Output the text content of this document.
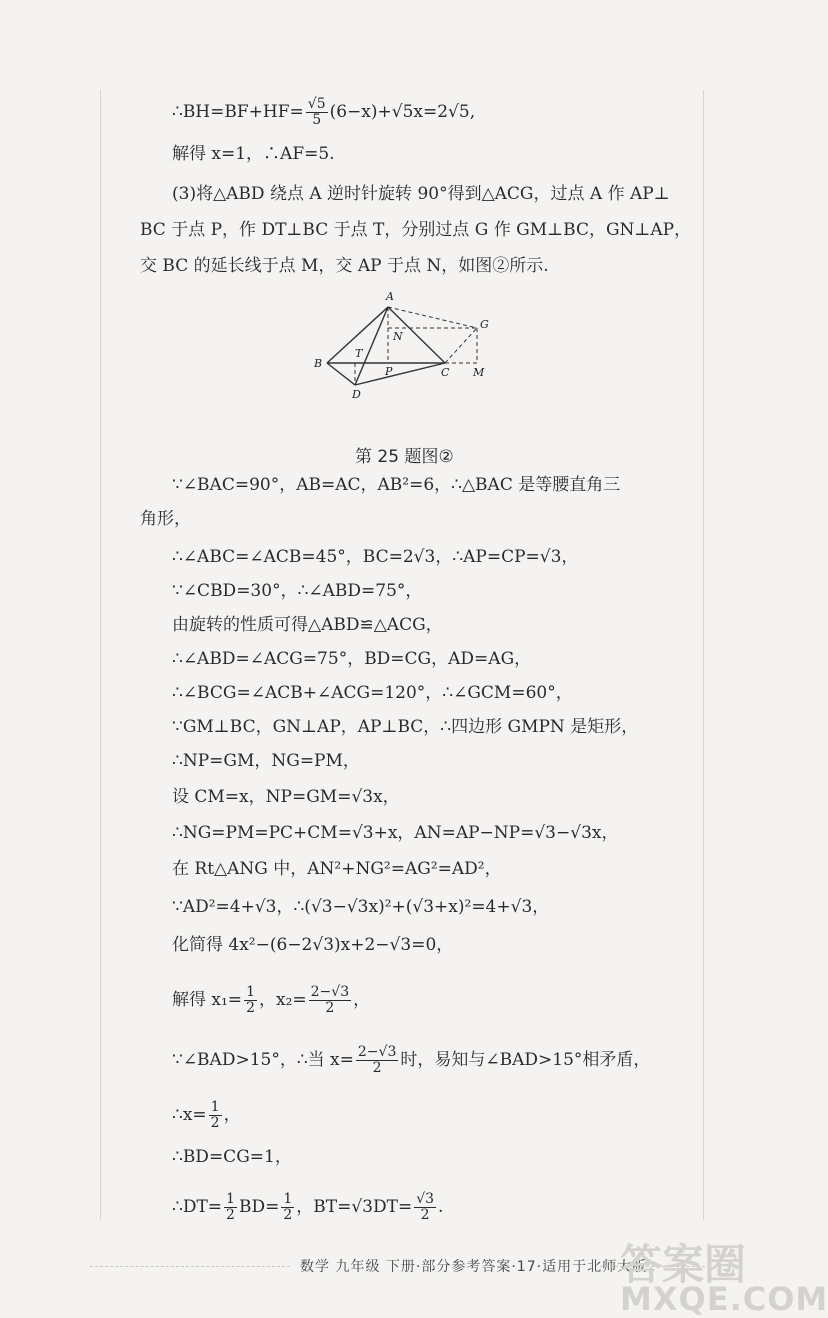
∴BH=BF+HF= $\frac{√5}{5} (6-x)+√5x=2√5$,
解得 x=1，∴AF=5.
(3)将△ABD 绕点 A 逆时针旋转 90°得到△ACG，过点 A 作 AP⊥
BC 于点 P，作 DT⊥BC 于点 T，分别过点 G 作 GM⊥BC，GN⊥AP，
交 BC 的延长线于点 M，交 AP 于点 N，如图②所示.
∵∠BAC=90°，AB=AC，AB²=6，∴△BAC 是等腰直角三
角形，
∴∠ABC=∠ACB=45°，BC=2√3，∴AP=CP=√3，
∵∠CBD=30°，∴∠ABD=75°，
由旋转的性质可得△ABD≌△ACG，
∴∠ABD=∠ACG=75°，BD=CG，AD=AG，
∴∠BCG=∠ACB+∠ACG=120°，∴∠GCM=60°，
∵GM⊥BC，GN⊥AP，AP⊥BC，∴四边形 GMPN 是矩形，
∴NP=GM，NG=PM，
设 CM=x，NP=GM=√3x，
∴NG=PM=PC+CM=√3+x，AN=AP−NP=√3−√3x，
在 Rt△ANG 中，AN²+NG²=AG²=AD²，
∵AD²=4+√3，∴(√3−√3x)²+(√3+x)²=4+√3，
化简得 4x²−(6−2√3)x+2−√3=0，
解得 $x_1= \frac{1}{2}$ ，$x_2= \frac{2-√3}{2}$ ，
∵∠BAD>15°，∴当 $x= \frac{2-√3}{2}$ 时，易知与∠BAD>15°相矛盾，
∴x= $\frac{1}{2}$ ，
∴BD=CG=1，
∴DT= $\frac{1}{2} BD= \frac{1}{2}$ ，$BT=√3DT= \frac{√3}{2}$ .
A
B
C
D
G
M
N
P
T
第 25 题图②
数学 九年级 下册·部分参考答案·17·适用于北师大版
答案圈
MXQE.COM
